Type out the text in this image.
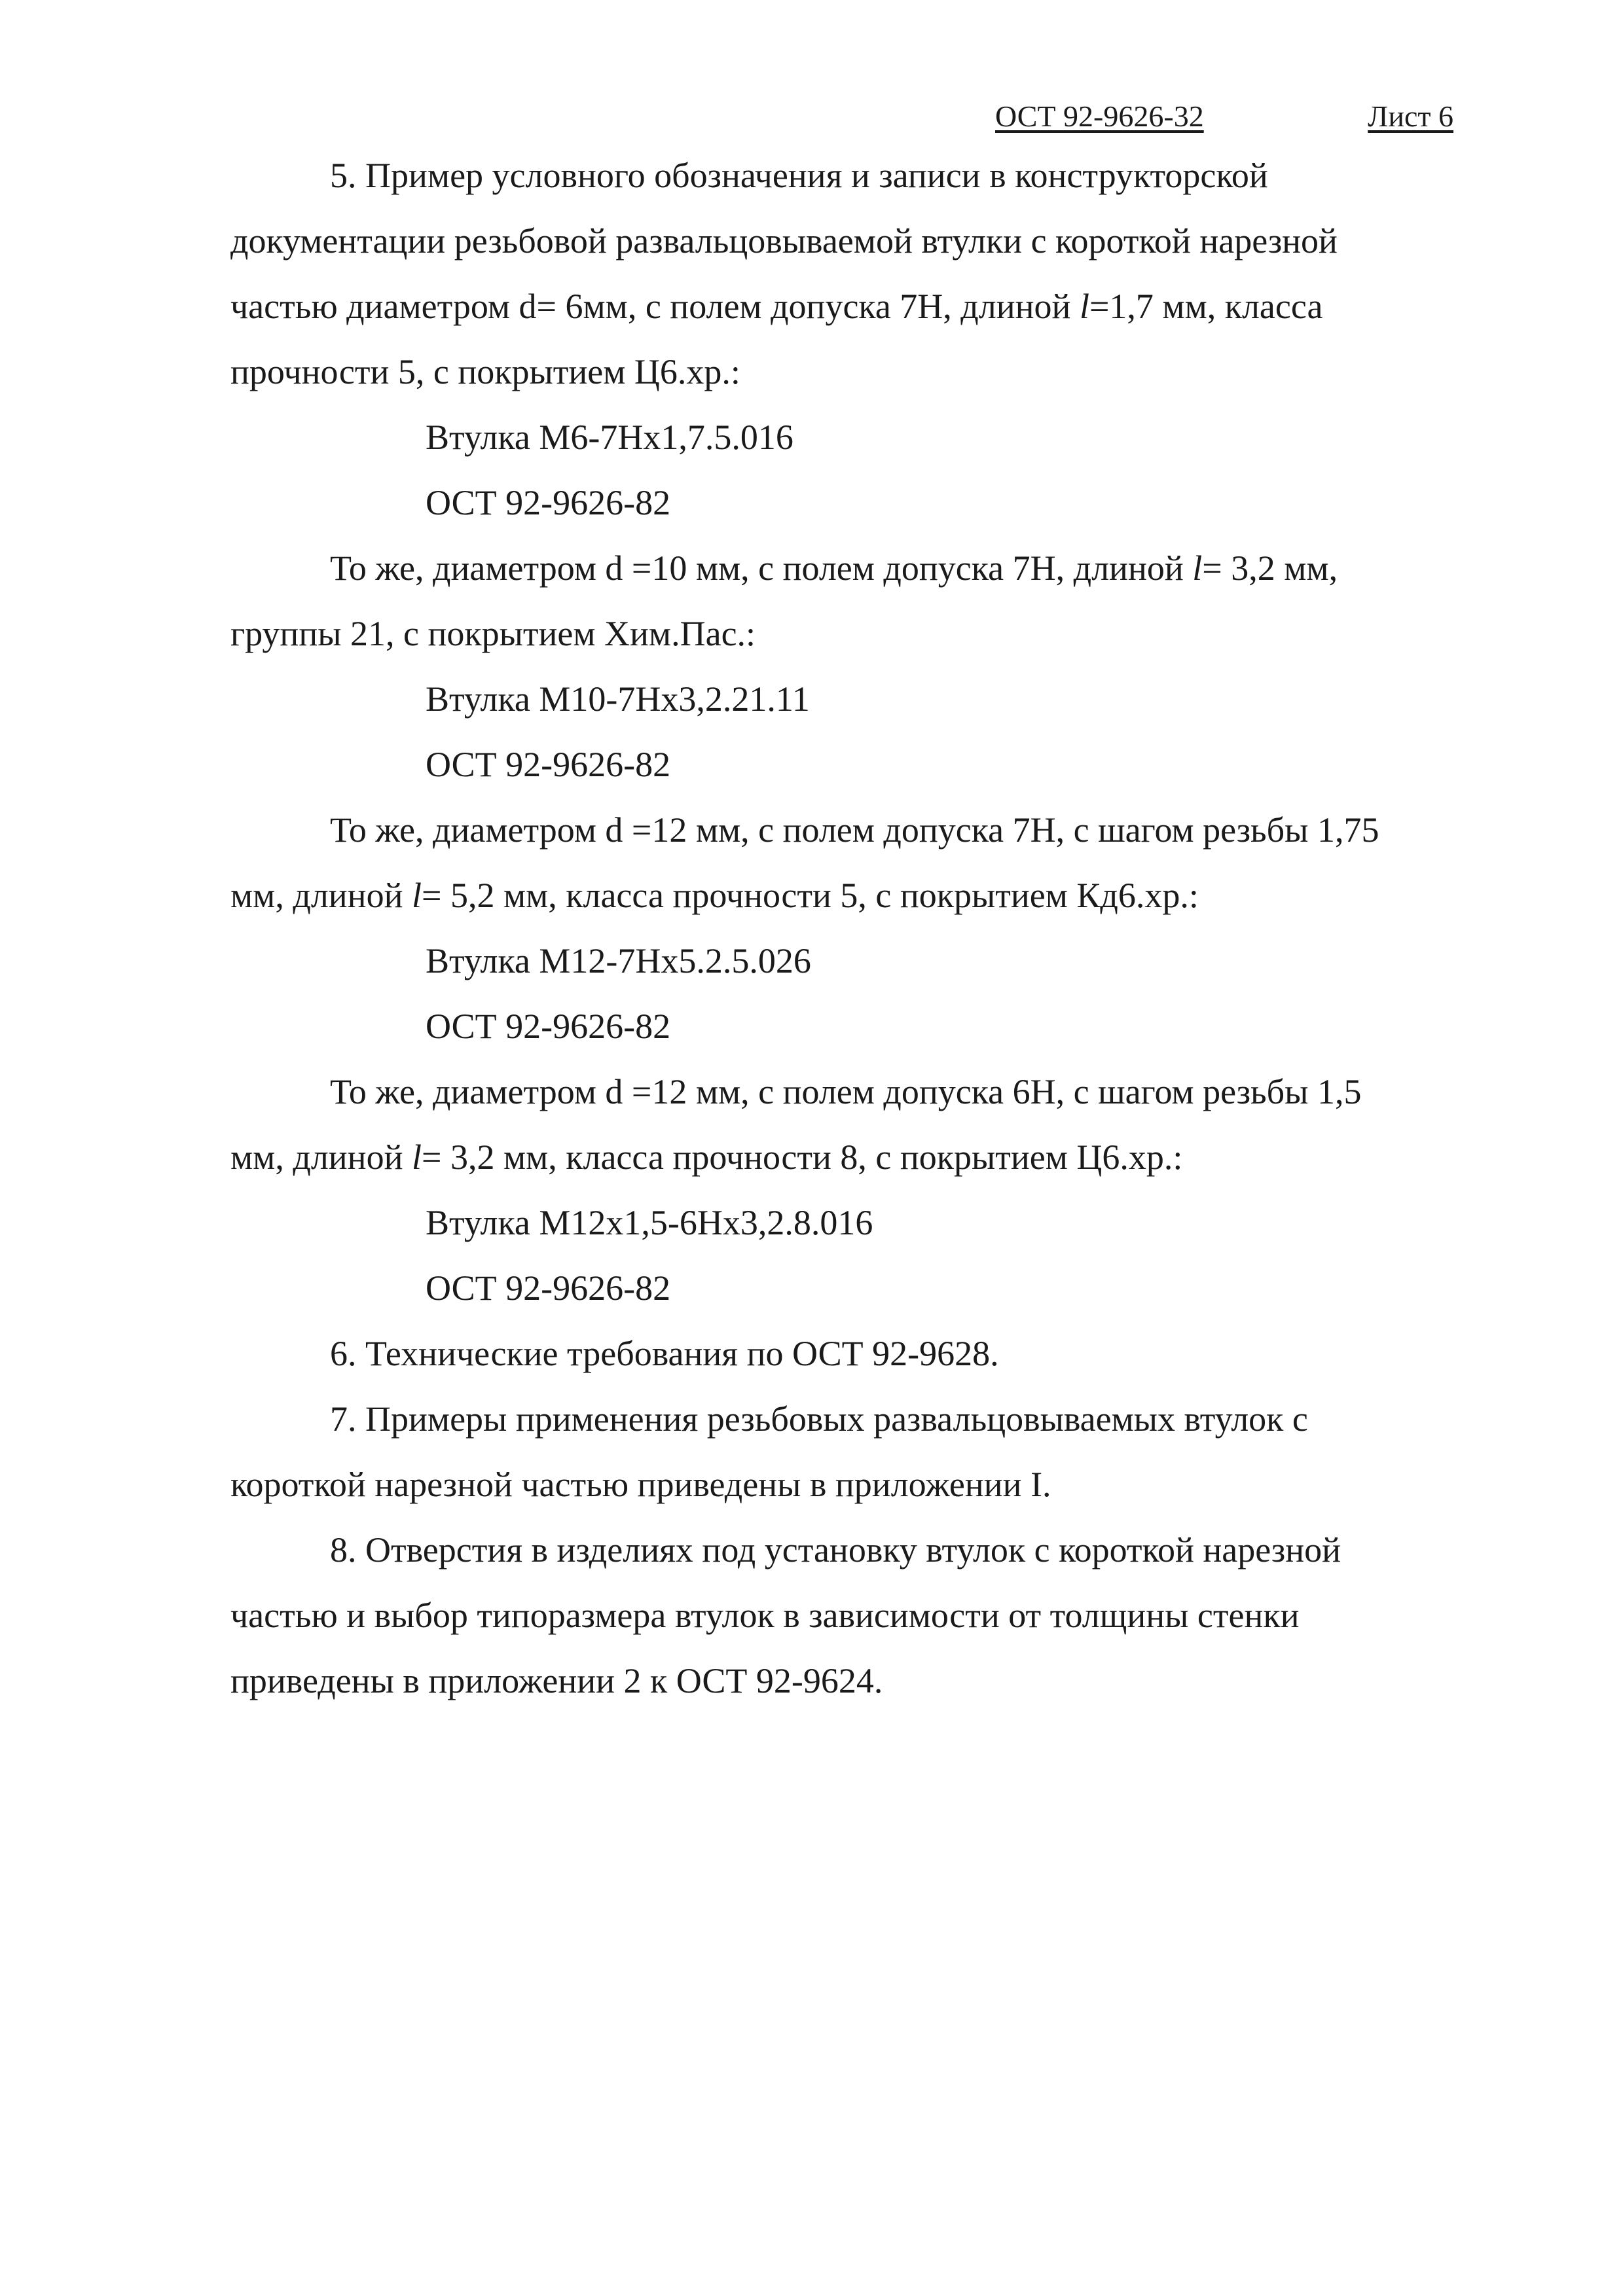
ОСТ 92-9626-32	Лист 6
5. Пример условного обозначения и записи в конструкторской
документации резьбовой развальцовываемой втулки с короткой нарезной
частью диаметром d= 6мм, с полем допуска 7Н, длиной l=1,7 мм, класса
прочности 5, с покрытием Ц6.хр.:
Втулка М6-7Нх1,7.5.016
ОСТ 92-9626-82
То же, диаметром d =10 мм, с полем допуска 7Н, длиной l= 3,2 мм,
группы 21, с покрытием Хим.Пас.:
Втулка М10-7Нх3,2.21.11
ОСТ 92-9626-82
То же, диаметром d =12 мм, с полем допуска 7Н, с шагом резьбы 1,75
мм, длиной l= 5,2 мм, класса прочности 5, с покрытием Кд6.хр.:
Втулка М12-7Нх5.2.5.026
ОСТ 92-9626-82
То же, диаметром d =12 мм, с полем допуска 6Н, с шагом резьбы 1,5
мм, длиной l= 3,2 мм, класса прочности 8, с покрытием Ц6.хр.:
Втулка М12х1,5-6Нх3,2.8.016
ОСТ 92-9626-82
6. Технические требования по ОСТ 92-9628.
7. Примеры применения резьбовых развальцовываемых втулок с
короткой нарезной частью приведены в приложении I.
8. Отверстия в изделиях под установку втулок с короткой нарезной
частью и выбор типоразмера втулок в зависимости от толщины стенки
приведены в приложении 2 к ОСТ 92-9624.
